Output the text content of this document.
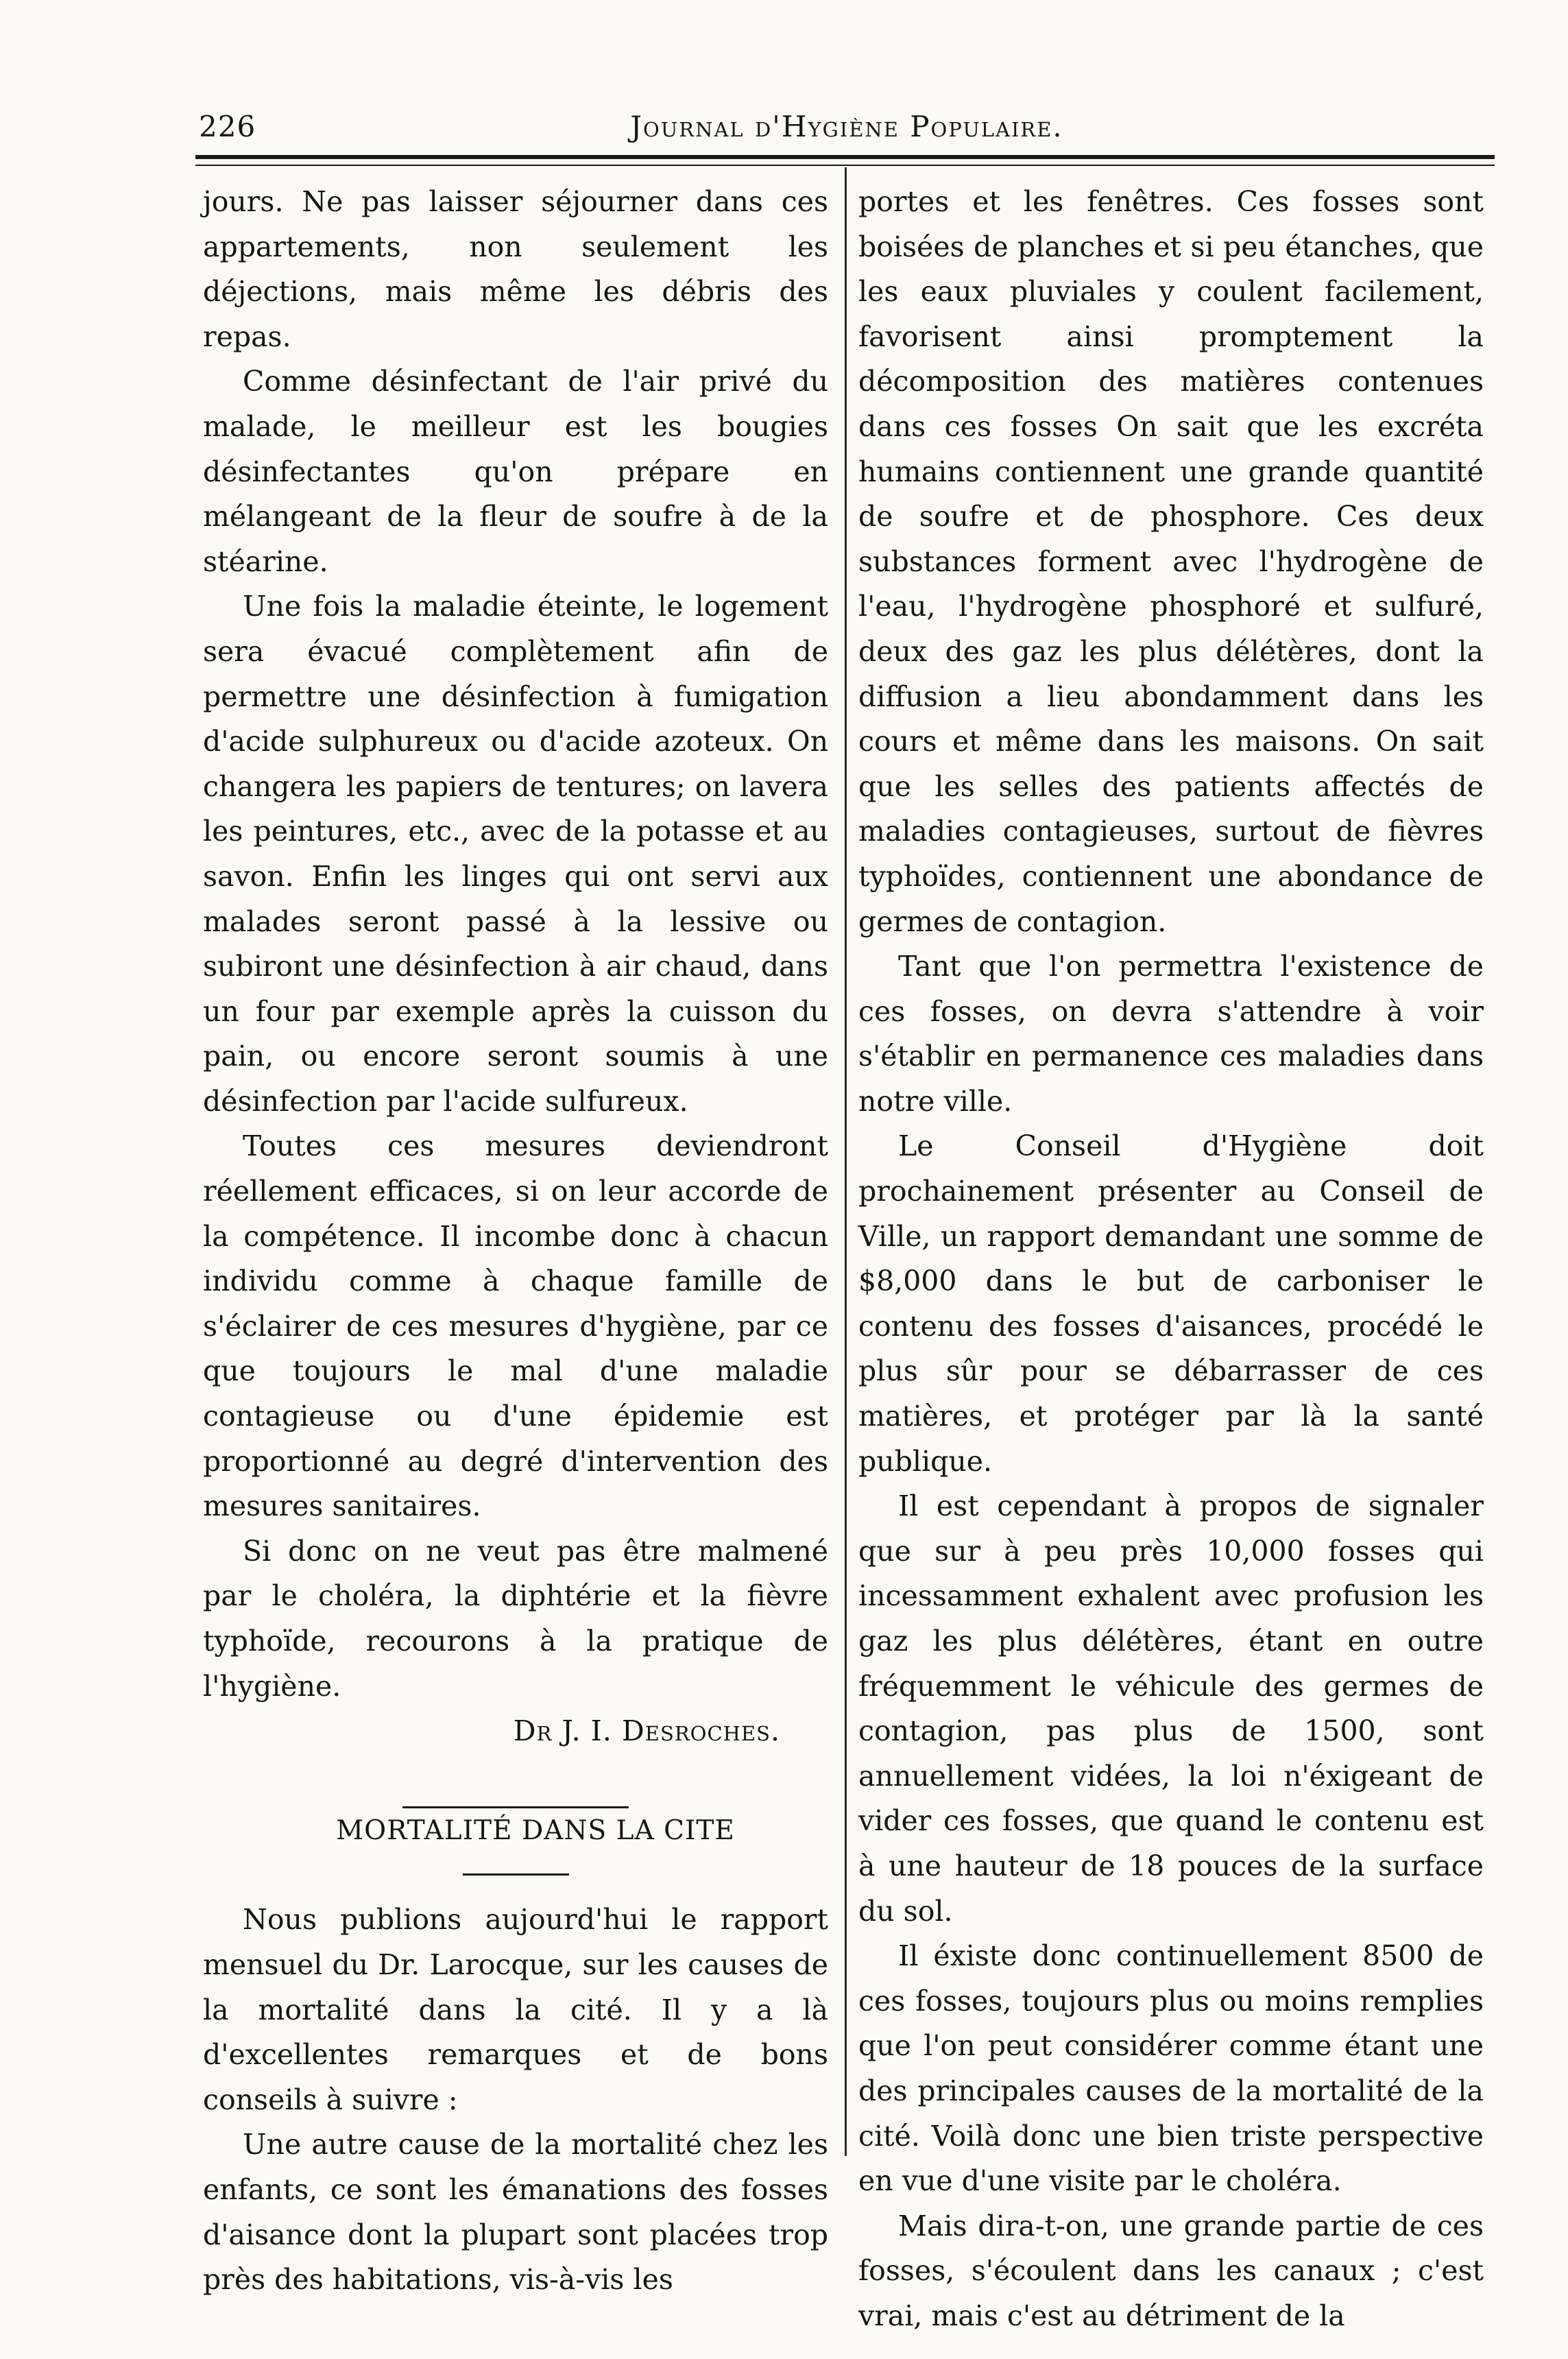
226	Journal d'Hygiène Populaire.

jours. Ne pas laisser séjourner dans ces appartements, non seulement les déjections, mais même les débris des repas.

Comme désinfectant de l'air privé du malade, le meilleur est les bougies désinfectantes qu'on prépare en mélangeant de la fleur de soufre à de la stéarine.

Une fois la maladie éteinte, le logement sera évacué complètement afin de permettre une désinfection à fumigation d'acide sulphureux ou d'acide azoteux. On changera les papiers de tentures; on lavera les peintures, etc., avec de la potasse et au savon. Enfin les linges qui ont servi aux malades seront passé à la lessive ou subiront une désinfection à air chaud, dans un four par exemple après la cuisson du pain, ou encore seront soumis à une désinfection par l'acide sulfureux.

Toutes ces mesures deviendront réellement efficaces, si on leur accorde de la compétence. Il incombe donc à chacun individu comme à chaque famille de s'éclairer de ces mesures d'hygiène, par ce que toujours le mal d'une maladie contagieuse ou d'une épidemie est proportionné au degré d'intervention des mesures sanitaires.

Si donc on ne veut pas être malmené par le choléra, la diphtérie et la fièvre typhoïde, recourons à la pratique de l'hygiène.

Dr J. I. Desroches.

MORTALITÉ DANS LA CITE

Nous publions aujourd'hui le rapport mensuel du Dr. Larocque, sur les causes de la mortalité dans la cité. Il y a là d'excellentes remarques et de bons conseils à suivre :

Une autre cause de la mortalité chez les enfants, ce sont les émanations des fosses d'aisance dont la plupart sont placées trop près des habitations, vis-à-vis les

portes et les fenêtres. Ces fosses sont boisées de planches et si peu étanches, que les eaux pluviales y coulent facilement, favorisent ainsi promptement la décomposition des matières contenues dans ces fosses On sait que les excréta humains contiennent une grande quantité de soufre et de phosphore. Ces deux substances forment avec l'hydrogène de l'eau, l'hydrogène phosphoré et sulfuré, deux des gaz les plus délétères, dont la diffusion a lieu abondamment dans les cours et même dans les maisons. On sait que les selles des patients affectés de maladies contagieuses, surtout de fièvres typhoïdes, contiennent une abondance de germes de contagion.

Tant que l'on permettra l'existence de ces fosses, on devra s'attendre à voir s'établir en permanence ces maladies dans notre ville.

Le Conseil d'Hygiène doit prochainement présenter au Conseil de Ville, un rapport demandant une somme de $8,000 dans le but de carboniser le contenu des fosses d'aisances, procédé le plus sûr pour se débarrasser de ces matières, et protéger par là la santé publique.

Il est cependant à propos de signaler que sur à peu près 10,000 fosses qui incessamment exhalent avec profusion les gaz les plus délétères, étant en outre fréquemment le véhicule des germes de contagion, pas plus de 1500, sont annuellement vidées, la loi n'éxigeant de vider ces fosses, que quand le contenu est à une hauteur de 18 pouces de la surface du sol.

Il éxiste donc continuellement 8500 de ces fosses, toujours plus ou moins remplies que l'on peut considérer comme étant une des principales causes de la mortalité de la cité. Voilà donc une bien triste perspective en vue d'une visite par le choléra.

Mais dira-t-on, une grande partie de ces fosses, s'écoulent dans les canaux ; c'est vrai, mais c'est au détriment de la
